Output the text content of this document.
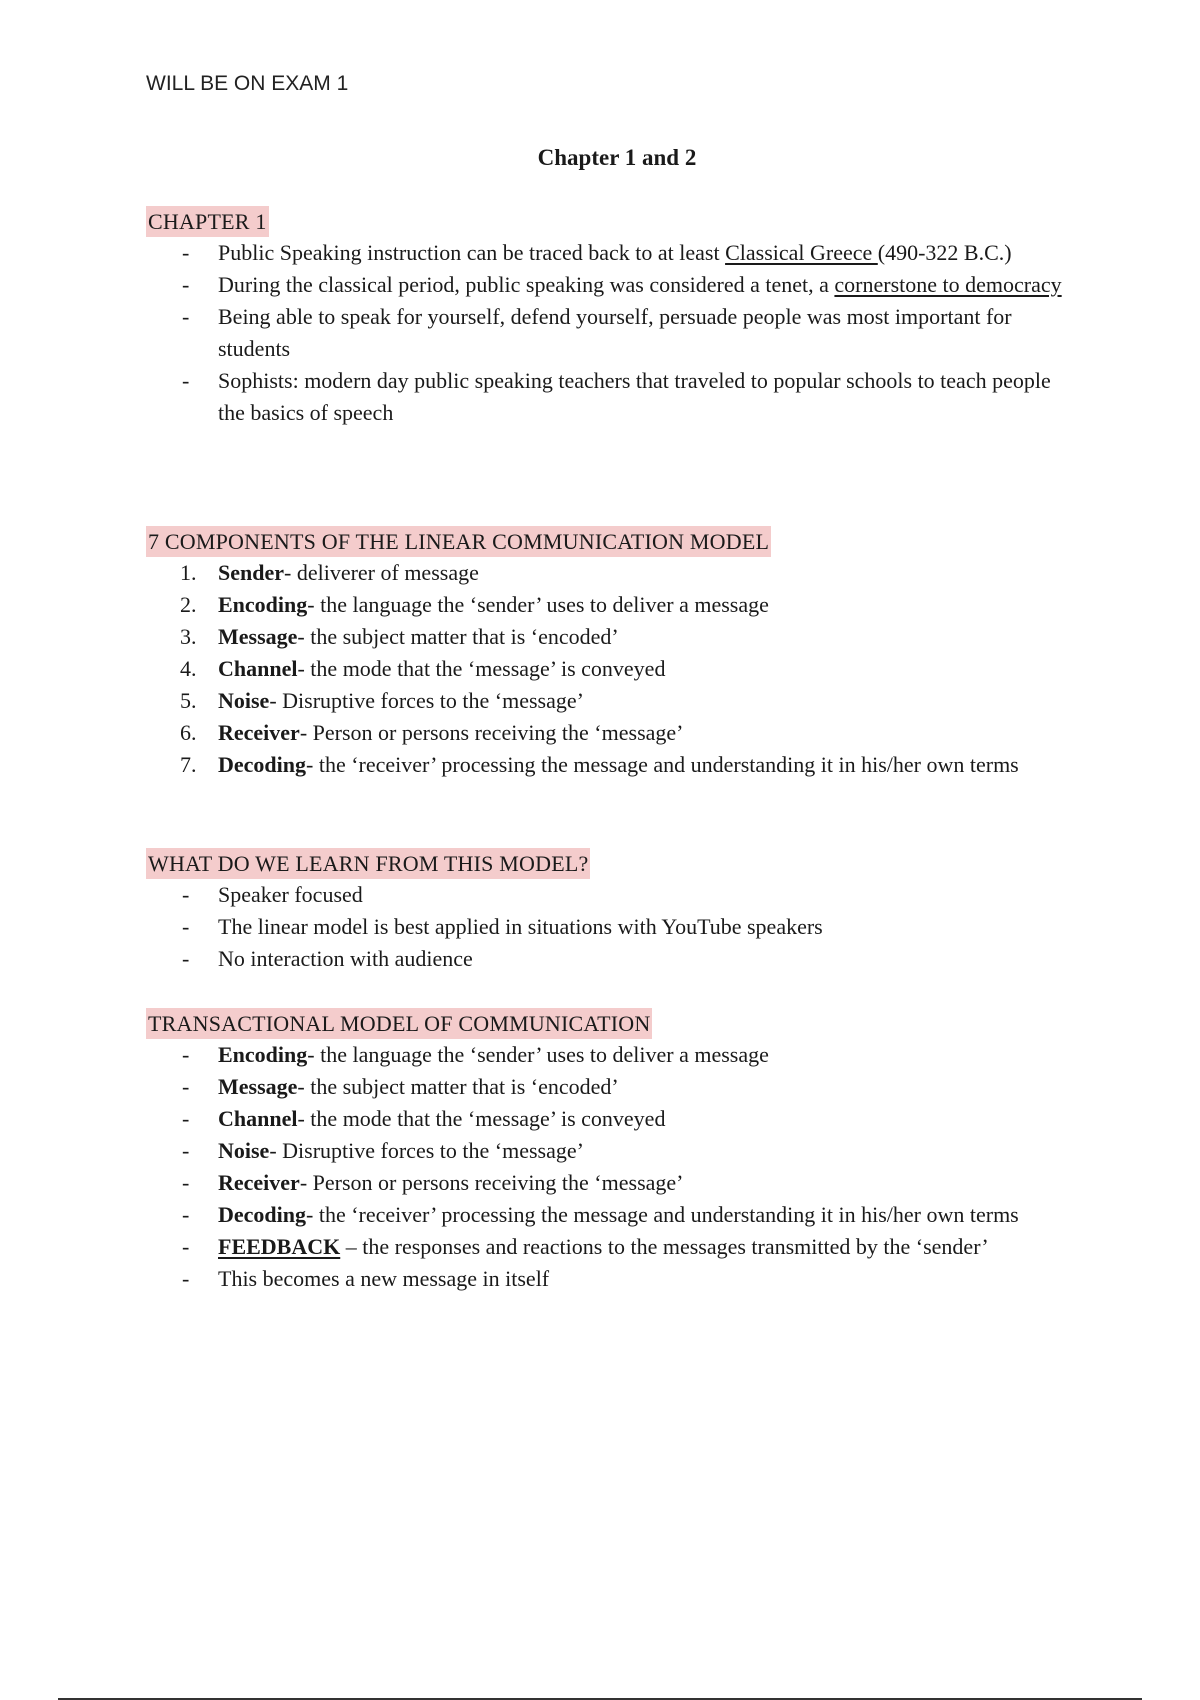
WILL BE ON EXAM 1
Chapter 1 and 2
CHAPTER 1
- Public Speaking instruction can be traced back to at least Classical Greece (490-322 B.C.)
- During the classical period, public speaking was considered a tenet, a cornerstone to democracy
- Being able to speak for yourself, defend yourself, persuade people was most important for students
- Sophists: modern day public speaking teachers that traveled to popular schools to teach people the basics of speech
7 COMPONENTS OF THE LINEAR COMMUNICATION MODEL
1. Sender- deliverer of message
2. Encoding- the language the ‘sender’ uses to deliver a message
3. Message- the subject matter that is ‘encoded’
4. Channel- the mode that the ‘message’ is conveyed
5. Noise- Disruptive forces to the ‘message’
6. Receiver- Person or persons receiving the ‘message’
7. Decoding- the ‘receiver’ processing the message and understanding it in his/her own terms
WHAT DO WE LEARN FROM THIS MODEL?
- Speaker focused
- The linear model is best applied in situations with YouTube speakers
- No interaction with audience
TRANSACTIONAL MODEL OF COMMUNICATION
- Encoding- the language the ‘sender’ uses to deliver a message
- Message- the subject matter that is ‘encoded’
- Channel- the mode that the ‘message’ is conveyed
- Noise- Disruptive forces to the ‘message’
- Receiver- Person or persons receiving the ‘message’
- Decoding- the ‘receiver’ processing the message and understanding it in his/her own terms
- FEEDBACK – the responses and reactions to the messages transmitted by the ‘sender’
- This becomes a new message in itself
